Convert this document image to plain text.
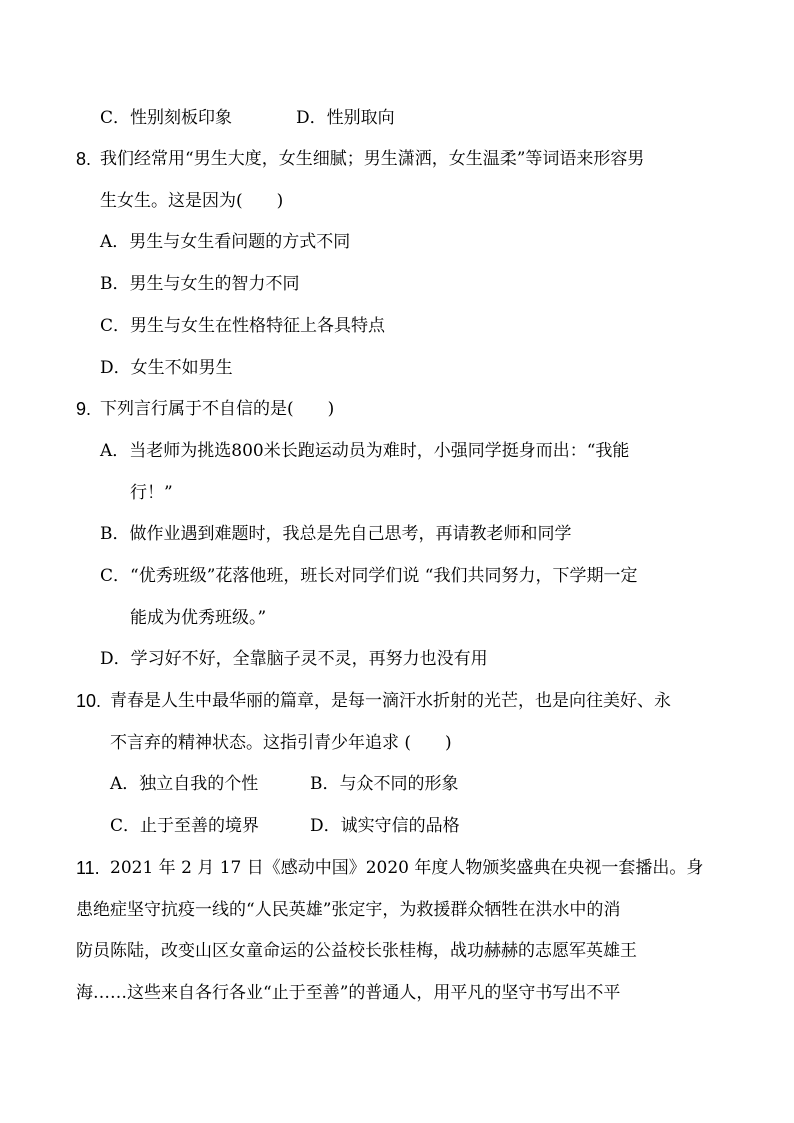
C．性别刻板印象	D．性别取向
8. 我们经常用“男生大度，女生细腻；男生潇洒，女生温柔”等词语来形容男
生女生。这是因为(　　)
A．男生与女生看问题的方式不同
B．男生与女生的智力不同
C．男生与女生在性格特征上各具特点
D．女生不如男生
9. 下列言行属于不自信的是(　　)
A．当老师为挑选800米长跑运动员为难时，小强同学挺身而出：“我能
行！”
B．做作业遇到难题时，我总是先自己思考，再请教老师和同学
C．“优秀班级”花落他班，班长对同学们说 “我们共同努力，下学期一定
能成为优秀班级。”
D．学习好不好，全靠脑子灵不灵，再努力也没有用
10. 青春是人生中最华丽的篇章，是每一滴汗水折射的光芒，也是向往美好、永
不言弃的精神状态。这指引青少年追求 (　　)
A．独立自我的个性	B．与众不同的形象
C．止于至善的境界	D．诚实守信的品格
11. 2021 年 2 月 17 日《感动中国》2020 年度人物颁奖盛典在央视一套播出。身
患绝症坚守抗疫一线的“人民英雄”张定宇，为救援群众牺牲在洪水中的消
防员陈陆，改变山区女童命运的公益校长张桂梅，战功赫赫的志愿军英雄王
海……这些来自各行各业“止于至善”的普通人，用平凡的坚守书写出不平
